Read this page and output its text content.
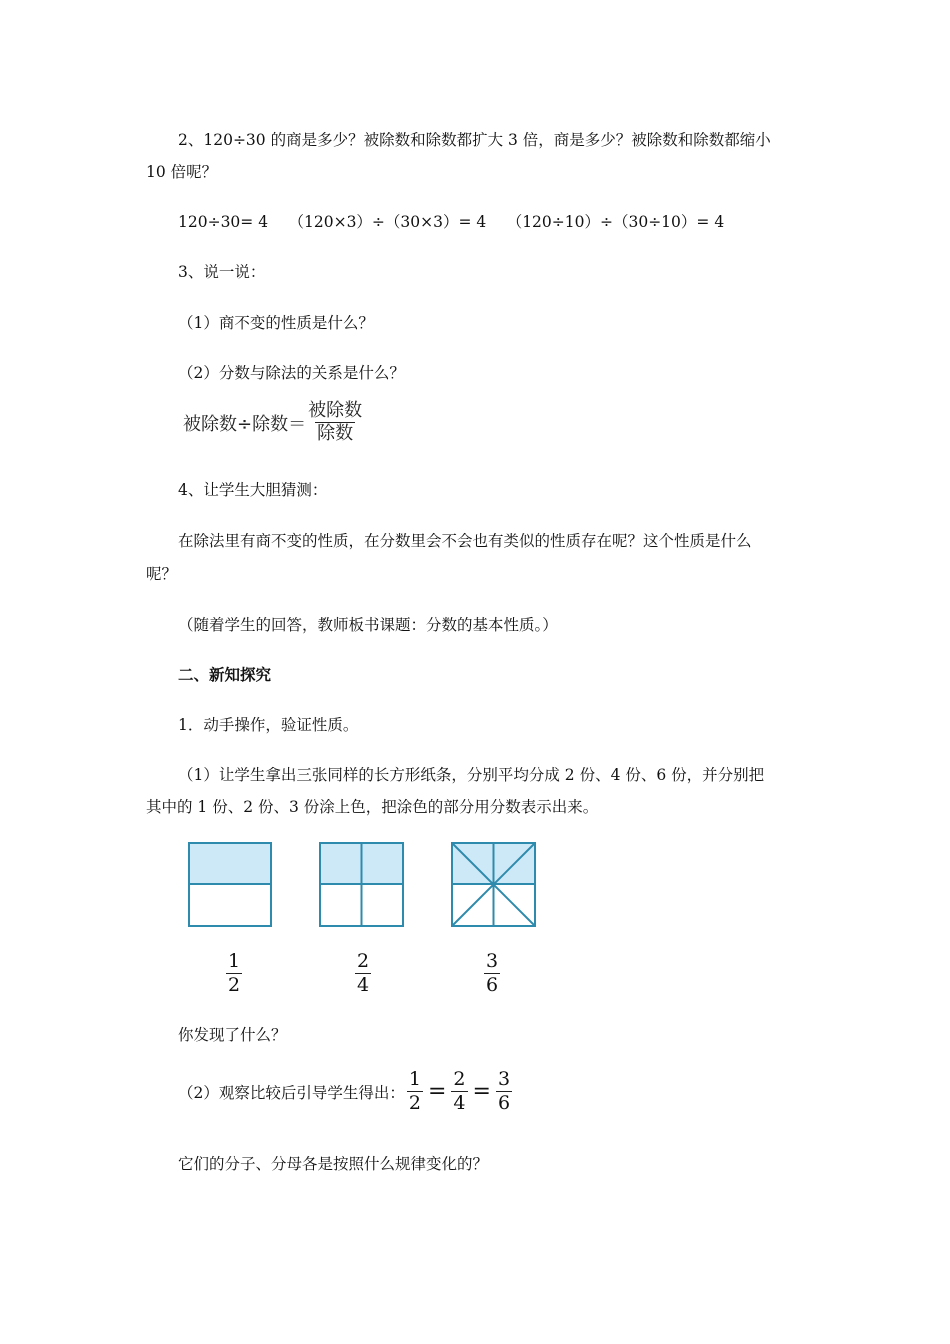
2、120÷30 的商是多少？被除数和除数都扩大 3 倍，商是多少？被除数和除数都缩小

10 倍呢？

120÷30= 4　 （120×3）÷（30×3）= 4　 （120÷10）÷（30÷10）= 4

3、说一说：

（1）商不变的性质是什么？

（2）分数与除法的关系是什么？

被除数÷除数＝ $\frac{\text{被除数}}{\text{除数}}$

4、让学生大胆猜测：

在除法里有商不变的性质，在分数里会不会也有类似的性质存在呢？这个性质是什么

呢？

（随着学生的回答，教师板书课题：分数的基本性质。）

二、新知探究

1．动手操作，验证性质。

（1）让学生拿出三张同样的长方形纸条，分别平均分成 2 份、4 份、6 份，并分别把

其中的 1 份、2 份、3 份涂上色，把涂色的部分用分数表示出来。

$\frac{1}{2}$	$\frac{2}{4}$	$\frac{3}{6}$

你发现了什么？

（2）观察比较后引导学生得出： $\frac{1}{2} = \frac{2}{4} = \frac{3}{6}$

它们的分子、分母各是按照什么规律变化的？
